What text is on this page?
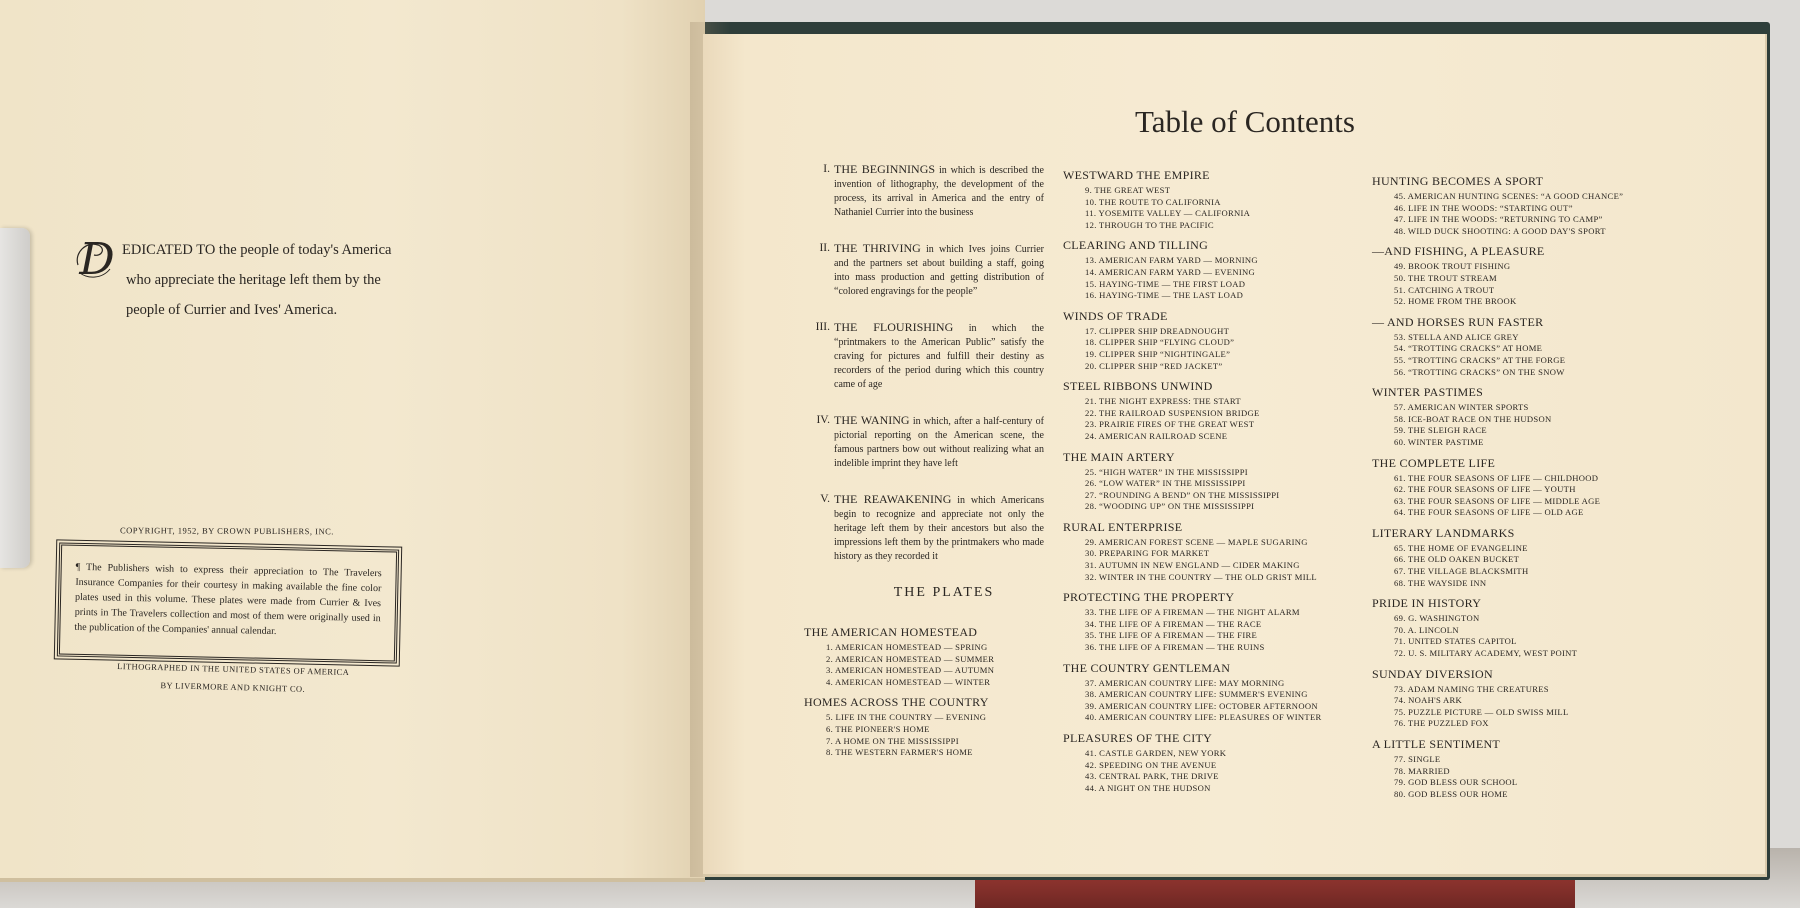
D EDICATED TO the people of today's America
who appreciate the heritage left them by the
people of Currier and Ives' America.
COPYRIGHT, 1952, BY CROWN PUBLISHERS, INC.
¶ The Publishers wish to express their appreciation to The Travelers Insurance Companies for their courtesy in making available the fine color plates used in this volume. These plates were made from Currier & Ives prints in The Travelers collection and most of them were originally used in the publication of the Companies' annual calendar.
LITHOGRAPHED IN THE UNITED STATES OF AMERICA
BY LIVERMORE AND KNIGHT CO.
Table of Contents
I. THE BEGINNINGS in which is described the invention of lithography, the development of the process, its arrival in America and the entry of Nathaniel Currier into the business
II. THE THRIVING in which Ives joins Currier and the partners set about building a staff, going into mass production and getting distribution of “colored engravings for the people”
III. THE FLOURISHING in which the “printmakers to the American Public” satisfy the craving for pictures and fulfill their destiny as recorders of the period during which this country came of age
IV. THE WANING in which, after a half-century of pictorial reporting on the American scene, the famous partners bow out without realizing what an indelible imprint they have left
V. THE REAWAKENING in which Americans begin to recognize and appreciate not only the heritage left them by their ancestors but also the impressions left them by the printmakers who made history as they recorded it
THE PLATES
THE AMERICAN HOMESTEAD
1. AMERICAN HOMESTEAD — SPRING
2. AMERICAN HOMESTEAD — SUMMER
3. AMERICAN HOMESTEAD — AUTUMN
4. AMERICAN HOMESTEAD — WINTER
HOMES ACROSS THE COUNTRY
5. LIFE IN THE COUNTRY — EVENING
6. THE PIONEER'S HOME
7. A HOME ON THE MISSISSIPPI
8. THE WESTERN FARMER'S HOME
WESTWARD THE EMPIRE
9. THE GREAT WEST
10. THE ROUTE TO CALIFORNIA
11. YOSEMITE VALLEY — CALIFORNIA
12. THROUGH TO THE PACIFIC
CLEARING AND TILLING
13. AMERICAN FARM YARD — MORNING
14. AMERICAN FARM YARD — EVENING
15. HAYING-TIME — THE FIRST LOAD
16. HAYING-TIME — THE LAST LOAD
WINDS OF TRADE
17. CLIPPER SHIP DREADNOUGHT
18. CLIPPER SHIP “FLYING CLOUD”
19. CLIPPER SHIP “NIGHTINGALE”
20. CLIPPER SHIP “RED JACKET”
STEEL RIBBONS UNWIND
21. THE NIGHT EXPRESS: THE START
22. THE RAILROAD SUSPENSION BRIDGE
23. PRAIRIE FIRES OF THE GREAT WEST
24. AMERICAN RAILROAD SCENE
THE MAIN ARTERY
25. “HIGH WATER” IN THE MISSISSIPPI
26. “LOW WATER” IN THE MISSISSIPPI
27. “ROUNDING A BEND” ON THE MISSISSIPPI
28. “WOODING UP” ON THE MISSISSIPPI
RURAL ENTERPRISE
29. AMERICAN FOREST SCENE — MAPLE SUGARING
30. PREPARING FOR MARKET
31. AUTUMN IN NEW ENGLAND — CIDER MAKING
32. WINTER IN THE COUNTRY — THE OLD GRIST MILL
PROTECTING THE PROPERTY
33. THE LIFE OF A FIREMAN — THE NIGHT ALARM
34. THE LIFE OF A FIREMAN — THE RACE
35. THE LIFE OF A FIREMAN — THE FIRE
36. THE LIFE OF A FIREMAN — THE RUINS
THE COUNTRY GENTLEMAN
37. AMERICAN COUNTRY LIFE: MAY MORNING
38. AMERICAN COUNTRY LIFE: SUMMER'S EVENING
39. AMERICAN COUNTRY LIFE: OCTOBER AFTERNOON
40. AMERICAN COUNTRY LIFE: PLEASURES OF WINTER
PLEASURES OF THE CITY
41. CASTLE GARDEN, NEW YORK
42. SPEEDING ON THE AVENUE
43. CENTRAL PARK, THE DRIVE
44. A NIGHT ON THE HUDSON
HUNTING BECOMES A SPORT
45. AMERICAN HUNTING SCENES: “A GOOD CHANCE”
46. LIFE IN THE WOODS: “STARTING OUT”
47. LIFE IN THE WOODS: “RETURNING TO CAMP”
48. WILD DUCK SHOOTING: A GOOD DAY'S SPORT
—AND FISHING, A PLEASURE
49. BROOK TROUT FISHING
50. THE TROUT STREAM
51. CATCHING A TROUT
52. HOME FROM THE BROOK
— AND HORSES RUN FASTER
53. STELLA AND ALICE GREY
54. “TROTTING CRACKS” AT HOME
55. “TROTTING CRACKS” AT THE FORGE
56. “TROTTING CRACKS” ON THE SNOW
WINTER PASTIMES
57. AMERICAN WINTER SPORTS
58. ICE-BOAT RACE ON THE HUDSON
59. THE SLEIGH RACE
60. WINTER PASTIME
THE COMPLETE LIFE
61. THE FOUR SEASONS OF LIFE — CHILDHOOD
62. THE FOUR SEASONS OF LIFE — YOUTH
63. THE FOUR SEASONS OF LIFE — MIDDLE AGE
64. THE FOUR SEASONS OF LIFE — OLD AGE
LITERARY LANDMARKS
65. THE HOME OF EVANGELINE
66. THE OLD OAKEN BUCKET
67. THE VILLAGE BLACKSMITH
68. THE WAYSIDE INN
PRIDE IN HISTORY
69. G. WASHINGTON
70. A. LINCOLN
71. UNITED STATES CAPITOL
72. U. S. MILITARY ACADEMY, WEST POINT
SUNDAY DIVERSION
73. ADAM NAMING THE CREATURES
74. NOAH'S ARK
75. PUZZLE PICTURE — OLD SWISS MILL
76. THE PUZZLED FOX
A LITTLE SENTIMENT
77. SINGLE
78. MARRIED
79. GOD BLESS OUR SCHOOL
80. GOD BLESS OUR HOME
